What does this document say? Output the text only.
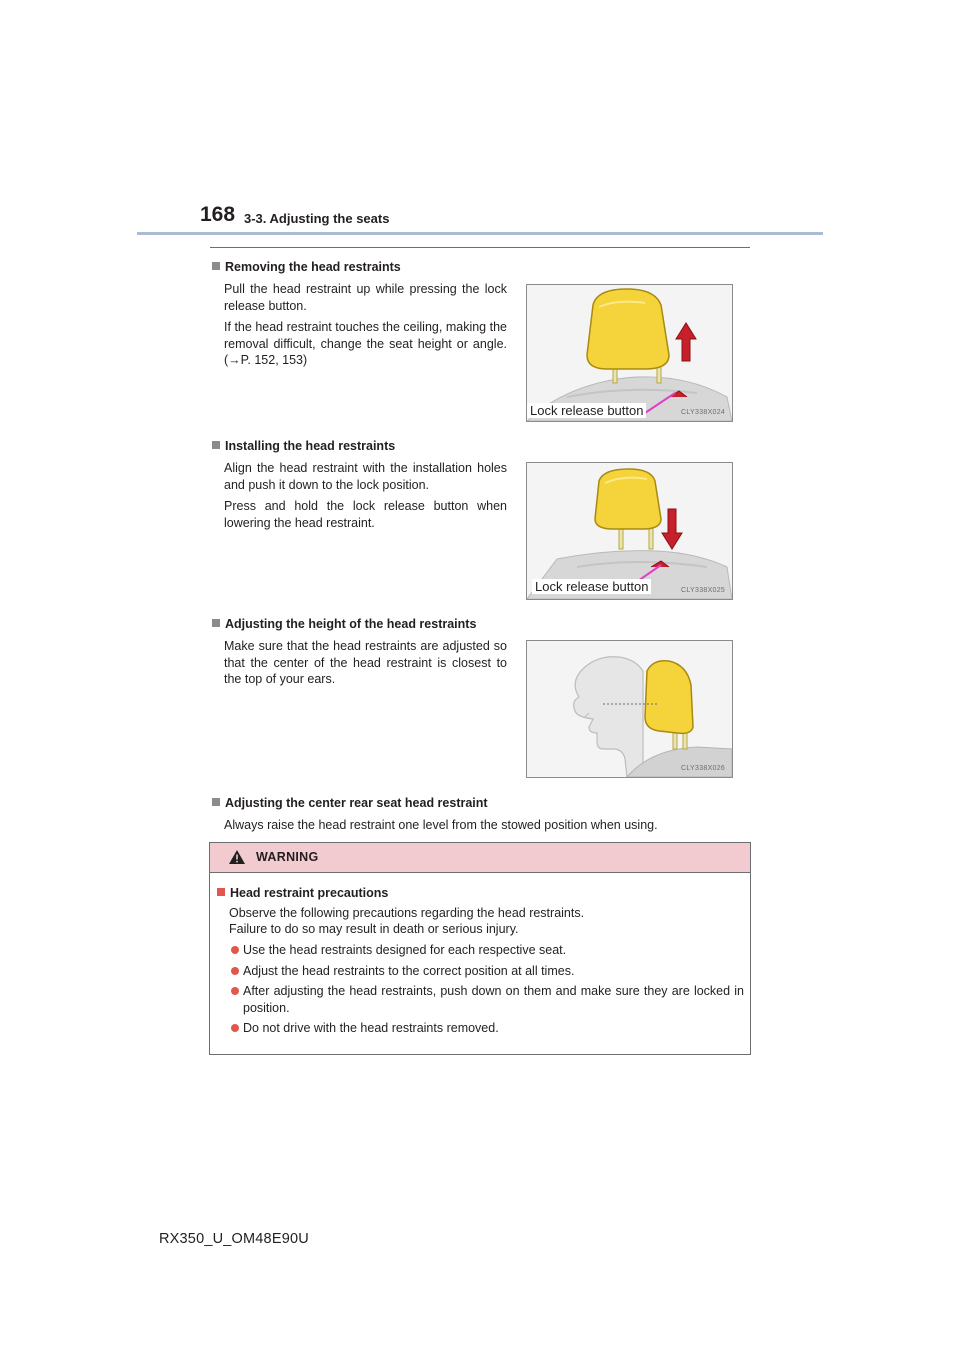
168 3-3. Adjusting the seats
Removing the head restraints

Pull the head restraint up while pressing the lock release button.

If the head restraint touches the ceiling, making the removal difficult, change the seat height or angle. (→P. 152, 153)

Lock release button	CLY338X024
Installing the head restraints

Align the head restraint with the installation holes and push it down to the lock position.

Press and hold the lock release button when lowering the head restraint.

Lock release button	CLY338X025
Adjusting the height of the head restraints

Make sure that the head restraints are adjusted so that the center of the head restraint is closest to the top of your ears.

CLY338X026
Adjusting the center rear seat head restraint

Always raise the head restraint one level from the stowed position when using.

WARNING
Head restraint precautions
Observe the following precautions regarding the head restraints.
Failure to do so may result in death or serious injury.
Use the head restraints designed for each respective seat.
Adjust the head restraints to the correct position at all times.
After adjusting the head restraints, push down on them and make sure they are locked in position.
Do not drive with the head restraints removed.
RX350_U_OM48E90U
